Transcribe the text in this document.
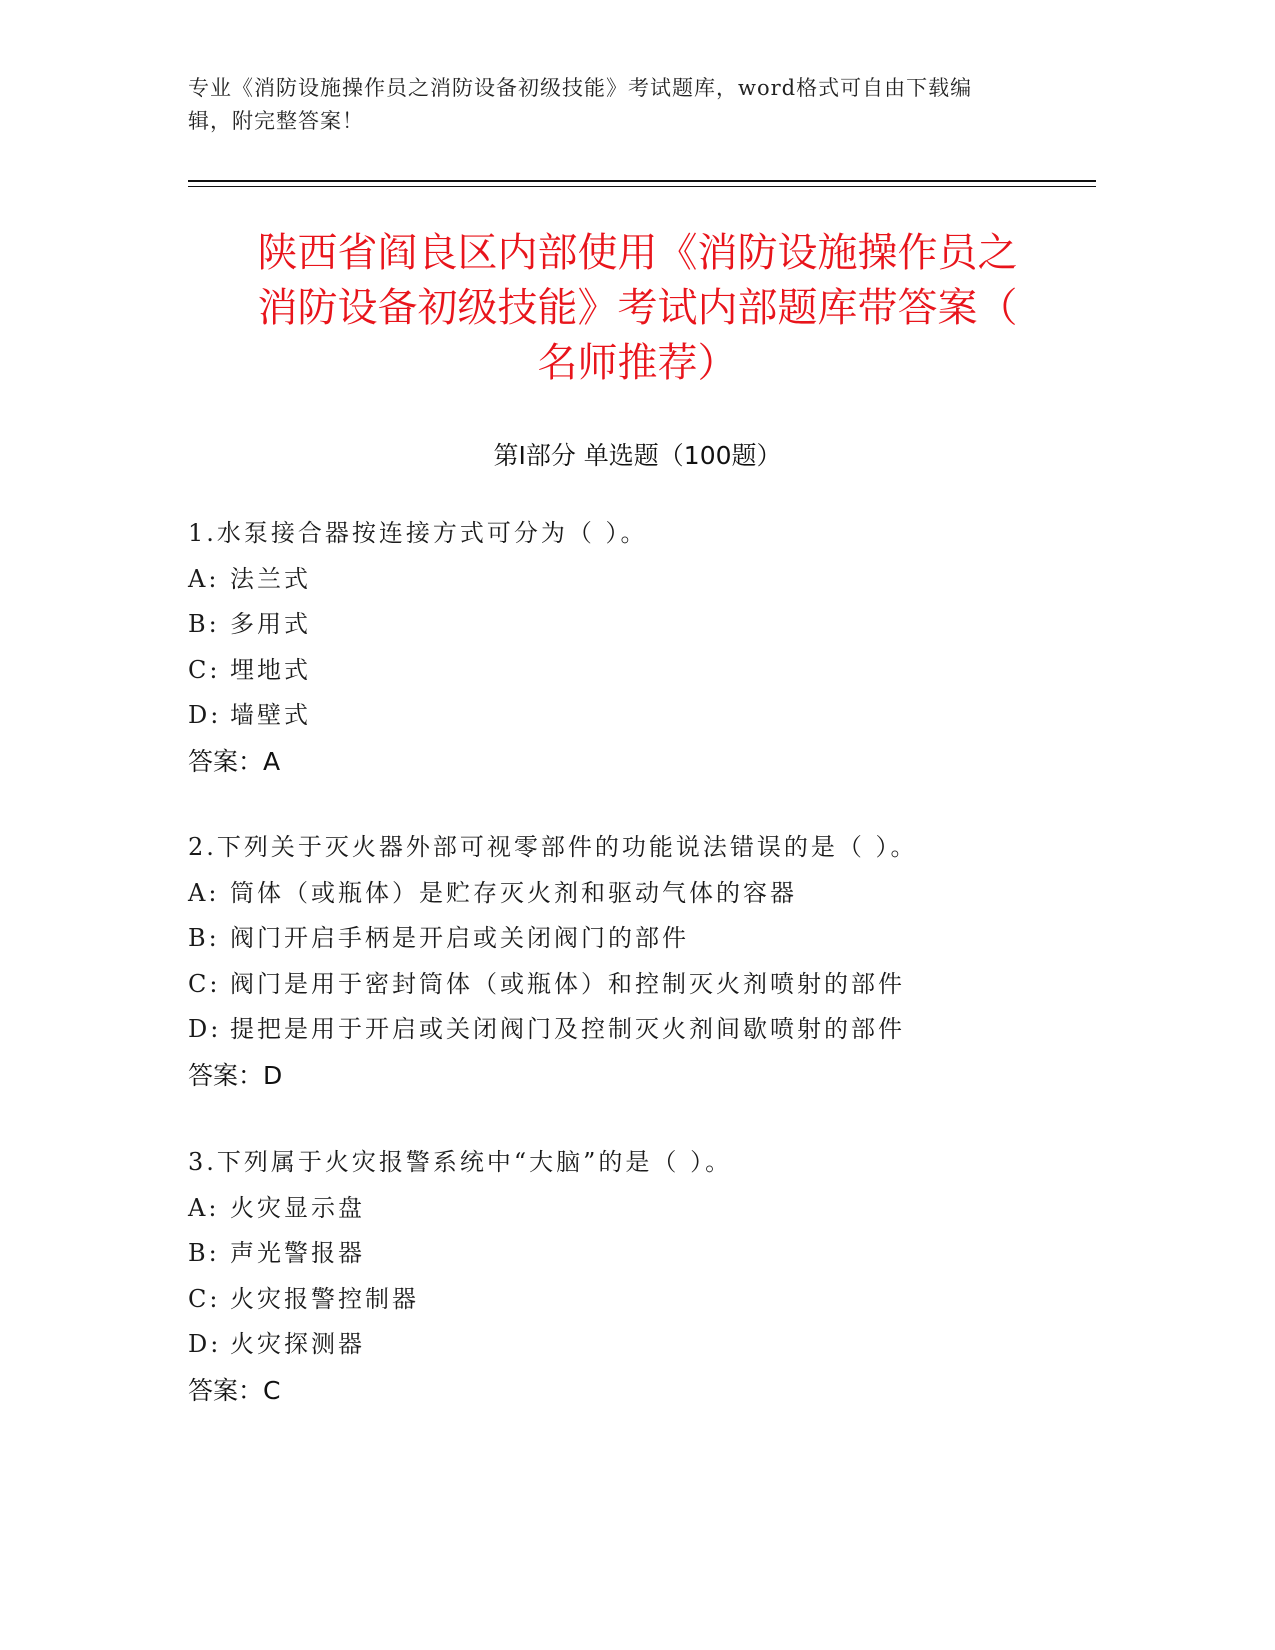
专业《消防设施操作员之消防设备初级技能》考试题库，word格式可自由下载编
辑，附完整答案！
陕西省阎良区内部使用《消防设施操作员之
消防设备初级技能》考试内部题库带答案（
名师推荐）
第Ⅰ部分 单选题（100题）
1.水泵接合器按连接方式可分为（ ）。
A: 法兰式
B: 多用式
C: 埋地式
D: 墙壁式
答案：A
2.下列关于灭火器外部可视零部件的功能说法错误的是（ ）。
A: 筒体（或瓶体）是贮存灭火剂和驱动气体的容器
B: 阀门开启手柄是开启或关闭阀门的部件
C: 阀门是用于密封筒体（或瓶体）和控制灭火剂喷射的部件
D: 提把是用于开启或关闭阀门及控制灭火剂间歇喷射的部件
答案：D
3.下列属于火灾报警系统中“大脑”的是（ ）。
A: 火灾显示盘
B: 声光警报器
C: 火灾报警控制器
D: 火灾探测器
答案：C
